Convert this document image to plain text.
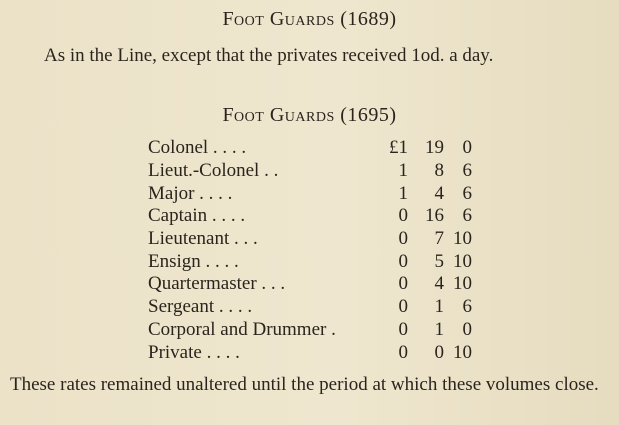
Foot Guards (1689)

As in the Line, except that the privates received 1od. a day.

Foot Guards (1695)
Colonel . . . .	£1	19	0
Lieut.-Colonel . .	1	8	6
Major . . . .	1	4	6
Captain . . . .	0	16	6
Lieutenant . . .	0	7	10
Ensign . . . .	0	5	10
Quartermaster . . .	0	4	10
Sergeant . . . .	0	1	6
Corporal and Drummer .	0	1	0
Private . . . .	0	0	10

These rates remained unaltered until the period at which these volumes close.
